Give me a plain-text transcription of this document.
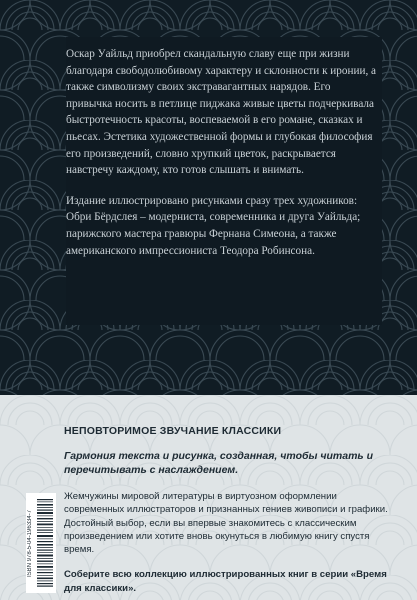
Оскар Уайльд приобрел скандальную славу еще при жизни благодаря свободолюбивому характеру и склонности к иронии, а также символизму своих экстравагантных нарядов. Его привычка носить в петлице пиджака живые цветы подчеркивала быстротечность красоты, воспеваемой в его романе, сказках и пьесах. Эстетика художественной формы и глубокая философия его произведений, словно хрупкий цветок, раскрывается навстречу каждому, кто готов слышать и внимать.

Издание иллюстрировано рисунками сразу трех художников: Обри Бёрдслея – модерниста, современника и друга Уайльда; парижского мастера гравюры Фернана Симеона, а также американского импрессиониста Теодора Робинсона.

НЕПОВТОРИМОЕ ЗВУЧАНИЕ КЛАССИКИ

Гармония текста и рисунка, созданная, чтобы читать и перечитывать с наслаждением.

Жемчужины мировой литературы в виртуозном оформлении современных иллюстраторов и признанных гениев живописи и графики. Достойный выбор, если вы впервые знакомитесь с классическим произведением или хотите вновь окунуться в любимую книгу спустя время.

Соберите всю коллекцию иллюстрированных книг в серии «Время для классики».

ISBN 978-5-04-196334-7
